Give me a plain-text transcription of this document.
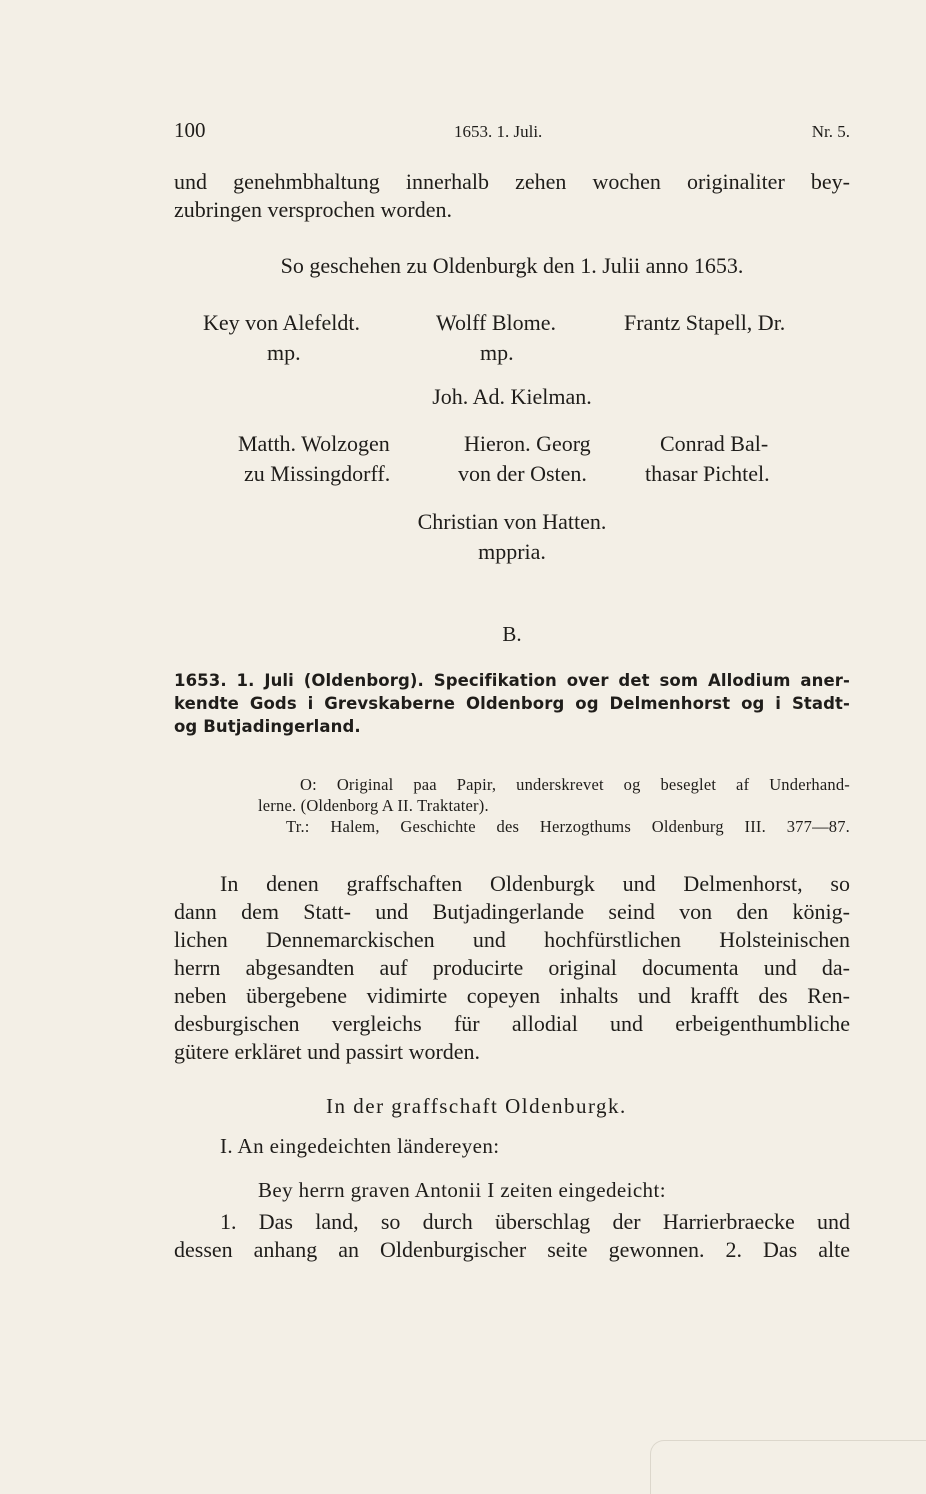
100	1653. 1. Juli.	Nr. 5.
und genehmbhaltung innerhalb zehen wochen originaliter bey-
zubringen versprochen worden.
So geschehen zu Oldenburgk den 1. Julii anno 1653.
Key von Alefeldt.
mp.
Wolff Blome.
mp.
Frantz Stapell, Dr.
Joh. Ad. Kielman.
Matth. Wolzogen
zu Missingdorff.
Hieron. Georg
von der Osten.
Conrad Bal-
thasar Pichtel.
Christian von Hatten.
mppria.
B.
1653. 1. Juli (Oldenborg). Specifikation over det som Allodium aner-
kendte Gods i Grevskaberne Oldenborg og Delmenhorst og i Stadt-
og Butjadingerland.
O: Original paa Papir, underskrevet og beseglet af Underhand-
lerne. (Oldenborg A II. Traktater).
Tr.: Halem, Geschichte des Herzogthums Oldenburg III. 377—87.
In denen graffschaften Oldenburgk und Delmenhorst, so
dann dem Statt- und Butjadingerlande seind von den könig-
lichen Dennemarckischen und hochfürstlichen Holsteinischen
herrn abgesandten auf producirte original documenta und da-
neben übergebene vidimirte copeyen inhalts und krafft des Ren-
desburgischen vergleichs für allodial und erbeigenthumbliche
gütere erkläret und passirt worden.
In der graffschaft Oldenburgk.
I. An eingedeichten ländereyen:
Bey herrn graven Antonii I zeiten eingedeicht:
1. Das land, so durch überschlag der Harrierbraecke und
dessen anhang an Oldenburgischer seite gewonnen. 2. Das alte
